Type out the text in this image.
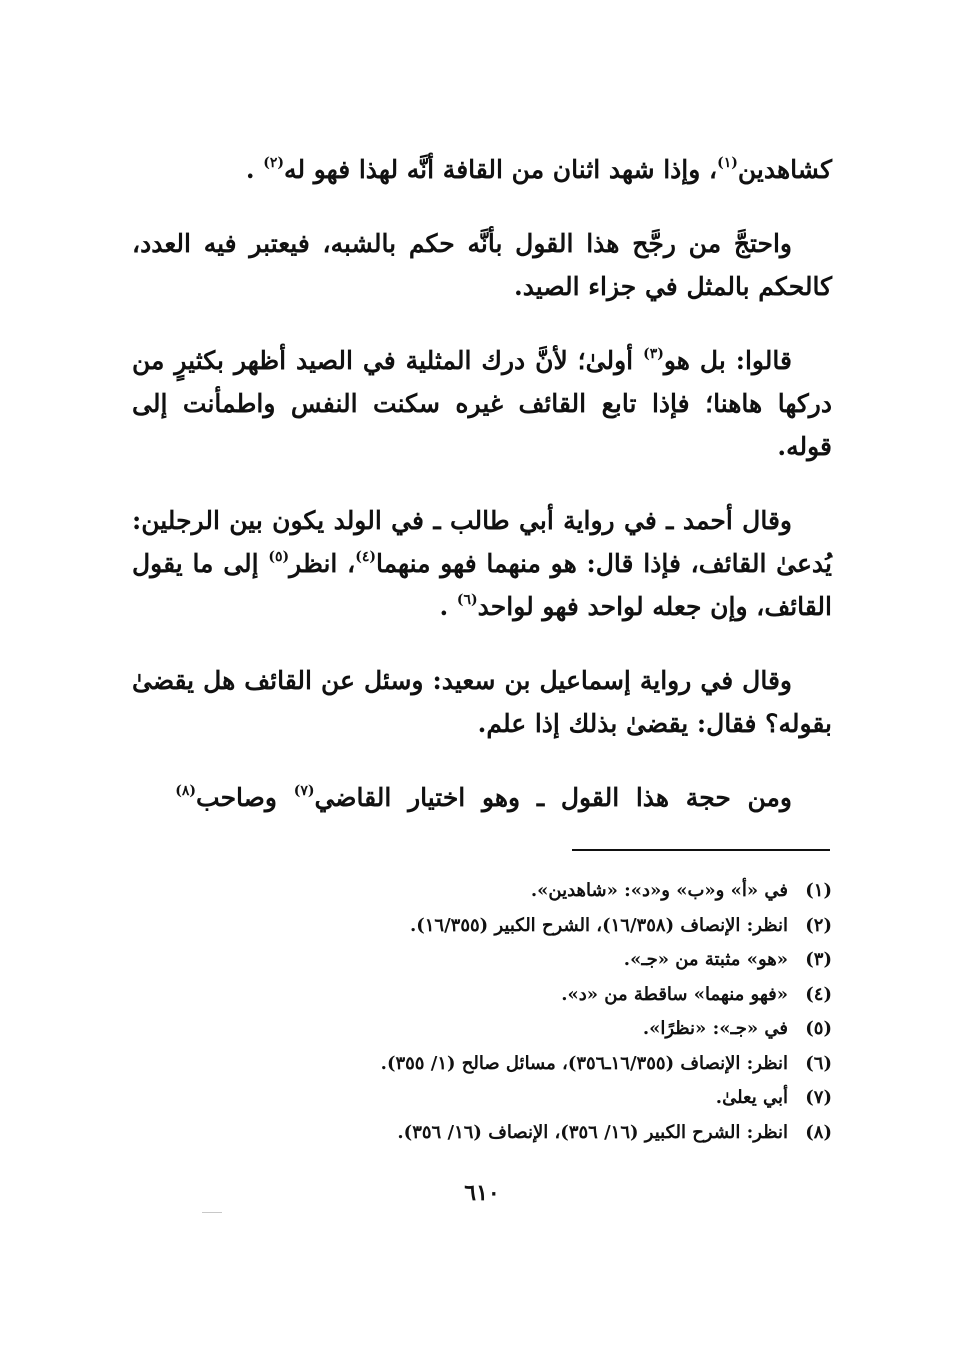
كشاهدين$^{(١)}$، وإذا شهد اثنان من القافة أنَّه لهذا فهو له$^{(٢)}$ .

واحتجَّ من رجَّح هذا القول بأنَّه حكم بالشبه، فيعتبر فيه العدد، كالحكم بالمثل في جزاء الصيد.

قالوا: بل هو$^{(٣)}$ أولىٰ؛ لأنَّ درك المثلية في الصيد أظهر بكثيرٍ من دركها هاهنا؛ فإذا تابع القائف غيره سكنت النفس واطمأنت إلى قوله.

وقال أحمد ـ في رواية أبي طالب ـ في الولد يكون بين الرجلين: يُدعىٰ القائف، فإذا قال: هو منهما فهو منهما$^{(٤)}$، انظر$^{(٥)}$ إلى ما يقول القائف، وإن جعله لواحد فهو لواحد$^{(٦)}$ .

وقال في رواية إسماعيل بن سعيد: وسئل عن القائف هل يقضىٰ بقوله؟ فقال: يقضىٰ بذلك إذا علم.

ومن حجة هذا القول ـ وهو اختيار القاضي$^{(٧)}$ وصاحب$^{(٨)}$

(١)في «أ» و«ب» و«د»: «شاهدين».
(٢)انظر: الإنصاف (١٦/٣٥٨)، الشرح الكبير (١٦/٣٥٥).
(٣)«هو» مثبتة من «جـ».
(٤)«فهو منهما» ساقطة من «د».
(٥)في «جـ»: «نظرًا».
(٦)انظر: الإنصاف (١٦/٣٥٥ـ٣٥٦)، مسائل صالح (١/ ٣٥٥).
(٧)أبي يعلىٰ.
(٨)انظر: الشرح الكبير (١٦/ ٣٥٦)، الإنصاف (١٦/ ٣٥٦).
٦١٠
